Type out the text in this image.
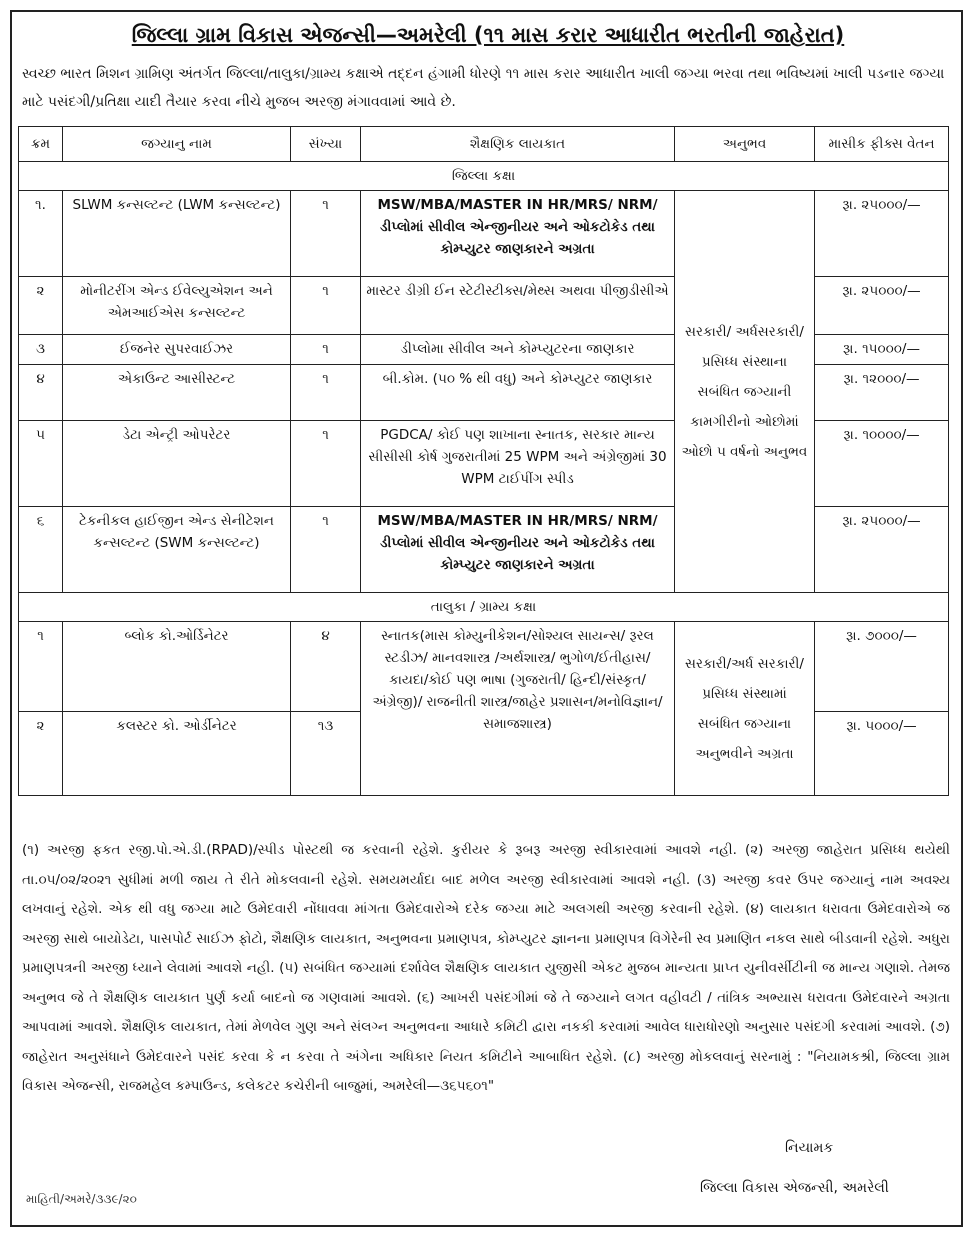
જિલ્લા ગ્રામ વિકાસ એજન્સી—અમરેલી (૧૧ માસ કરાર આધારીત ભરતીની જાહેરાત)
સ્વચ્છ ભારત મિશન ગ્રામિણ અંતર્ગત જિલ્લા/તાલુકા/ગ્રામ્ય કક્ષાએ તદ્દન હંગામી ધોરણે ૧૧ માસ કરાર આધારીત ખાલી જગ્યા ભરવા તથા ભવિષ્યમાં ખાલી પડનાર જગ્યા માટે પસંદગી/પ્રતિક્ષા યાદી તૈયાર કરવા નીચે મુજબ અરજી મંગાવવામાં આવે છે.
ક્રમ	જગ્યાનુ નામ	સંખ્યા	શૈક્ષણિક લાયકાત	અનુભવ	માસીક ફીક્સ વેતન
જિલ્લા કક્ષા					
૧.	SLWM કન્સલ્ટન્ટ (LWM કન્સલ્ટન્ટ)	૧	MSW/MBA/MASTER IN HR/MRS/ NRM/ડીપ્લોમાં સીવીલ એન્જીનીયર અને ઓકટોકેડ તથા કોમ્પ્યુટર જાણકારને અગ્રતા	સરકારી/ અર્ધસરકારી/ પ્રસિધ્ધ સંસ્થાના સબંધિત જગ્યાની કામગીરીનો ઓછોમાં ઓછો ૫ વર્ષનો અનુભવ	રૂા. ૨૫૦૦૦/—
૨	મોનીટરીંગ એન્ડ ઈવેલ્યુએશન અને એમઆઈએસ કન્સલ્ટન્ટ	૧	માસ્ટર ડીગ્રી ઈન સ્ટેટીસ્ટીક્સ/મેથ્સ અથવા પીજીડીસીએ		રૂા. ૨૫૦૦૦/—
૩	ઈજનેર સુપરવાઈઝર	૧	ડીપ્લોમા સીવીલ અને કોમ્પ્યુટરના જાણકાર		રૂા. ૧૫૦૦૦/—
૪	એકાઉન્ટ આસીસ્ટન્ટ	૧	બી.કોમ. (૫૦ % થી વધુ) અને કોમ્પ્યુટર જાણકાર		રૂા. ૧૨૦૦૦/—
૫	ડેટા એન્ટ્રી ઓપરેટર	૧	PGDCA/ કોઈ પણ શાખાના સ્નાતક, સરકાર માન્ય સીસીસી કોર્ષ ગુજરાતીમાં 25 WPM અને અંગ્રેજીમાં 30 WPM ટાઈપીંગ સ્પીડ		રૂા. ૧૦૦૦૦/—
૬	ટેકનીકલ હાઈજીન એન્ડ સેનીટેશન કન્સલ્ટન્ટ (SWM કન્સલ્ટન્ટ)	૧	MSW/MBA/MASTER IN HR/MRS/ NRM/ડીપ્લોમાં સીવીલ એન્જીનીયર અને ઓકટોકેડ તથા કોમ્પ્યુટર જાણકારને અગ્રતા		રૂા. ૨૫૦૦૦/—
તાલુકા / ગ્રામ્ય કક્ષા					
૧	બ્લોક કો.ઓર્ડિનેટર	૪	સ્નાતક(માસ કોમ્યુનીકેશન/સોશ્યલ સાયન્સ/ રૂરલ સ્ટડીઝ/ માનવશાસ્ત્ર /અર્થશાસ્ત્ર/ ભુગોળ/ઈતીહાસ/ કાયદા/કોઈ પણ ભાષા (ગુજરાતી/ હિન્દી/સંસ્કૃત/અંગ્રેજી)/ રાજનીતી શાસ્ત્ર/જાહેર પ્રશાસન/મનોવિજ્ઞાન/સમાજશાસ્ત્ર)	સરકારી/અર્ધ સરકારી/ પ્રસિધ્ધ સંસ્થામાં સબંધિત જગ્યાના અનુભવીને અગ્રતા	રૂા. ૭૦૦૦/—
૨	કલસ્ટર કો. ઓર્ડીનેટર	૧૩			રૂા. ૫૦૦૦/—
(૧) અરજી ફકત રજી.પો.એ.ડી.(RPAD)/સ્પીડ પોસ્ટથી જ કરવાની રહેશે. કુરીયર કે રૂબરૂ અરજી સ્વીકારવામાં આવશે નહી. (૨) અરજી જાહેરાત પ્રસિધ્ધ થયેથી તા.૦૫/૦૨/૨૦૨૧ સુધીમાં મળી જાય તે રીતે મોકલવાની રહેશે. સમયમર્યાદા બાદ મળેલ અરજી સ્વીકારવામાં આવશે નહી. (૩) અરજી કવર ઉપર જગ્યાનું નામ અવશ્ય લખવાનું રહેશે. એક થી વધુ જગ્યા માટે ઉમેદવારી નોંધાવવા માંગતા ઉમેદવારોએ દરેક જગ્યા માટે અલગથી અરજી કરવાની રહેશે. (૪) લાયકાત ધરાવતા ઉમેદવારોએ જ અરજી સાથે બાયોડેટા, પાસપોર્ટ સાઈઝ ફોટો, શૈક્ષણિક લાયકાત, અનુભવના પ્રમાણપત્ર, કોમ્પ્યુટર જ્ઞાનના પ્રમાણપત્ર વિગેરેની સ્વ પ્રમાણિત નકલ સાથે બીડવાની રહેશે. અધુરા પ્રમાણપત્રની અરજી ધ્યાને લેવામાં આવશે નહી. (૫) સબંધિત જગ્યામાં દર્શાવેલ શૈક્ષણિક લાયકાત યુજીસી એકટ મુજબ માન્યતા પ્રાપ્ત યુનીવર્સીટીની જ માન્ય ગણાશે. તેમજ અનુભવ જે તે શૈક્ષણિક લાયકાત પુર્ણ કર્યા બાદનો જ ગણવામાં આવશે. (૬) આખરી પસંદગીમાં જે તે જગ્યાને લગત વહીવટી / તાંત્રિક અભ્યાસ ધરાવતા ઉમેદવારને અગ્રતા આપવામાં આવશે. શૈક્ષણિક લાયકાત, તેમાં મેળવેલ ગુણ અને સંલગ્ન અનુભવના આધારે કમિટી દ્વારા નકકી કરવામાં આવેલ ધારાધોરણો અનુસાર પસંદગી કરવામાં આવશે. (૭) જાહેરાત અનુસંધાને ઉમેદવારને પસંદ કરવા કે ન કરવા તે અંગેના અધિકાર નિયત કમિટીને આબાધિત રહેશે. (૮) અરજી મોકલવાનું સરનામું : "નિયામકશ્રી, જિલ્લા ગ્રામ વિકાસ એજન્સી, રાજમહેલ કમ્પાઉન્ડ, કલેકટર કચેરીની બાજુમાં, અમરેલી—૩૬૫૬૦૧"
નિયામક
જિલ્લા વિકાસ એજન્સી, અમરેલી
માહિતી/અમરે/૩૩૯/૨૦
